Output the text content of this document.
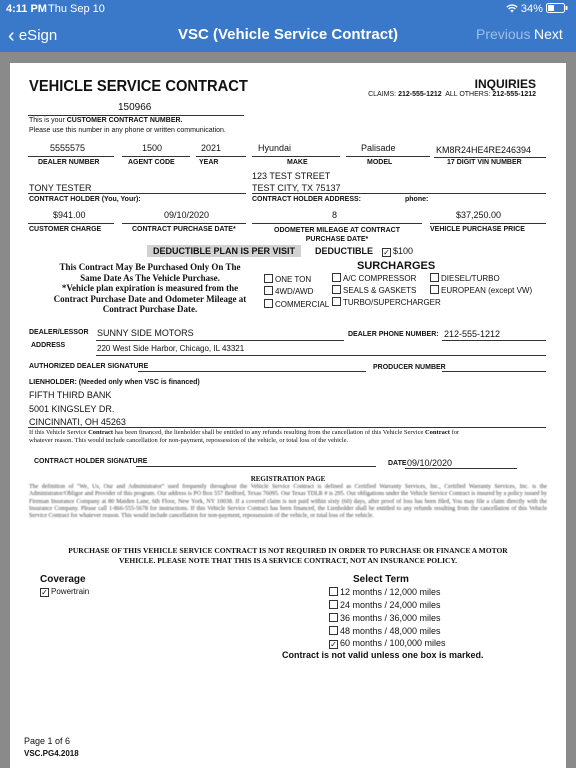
4:11 PM Thu Sep 10	34%
‹ eSign	VSC (Vehicle Service Contract)	Previous Next
VEHICLE SERVICE CONTRACT	INQUIRIES
CLAIMS: 212-555-1212 ALL OTHERS: 212-555-1212
150966
This is your CUSTOMER CONTRACT NUMBER.
Please use this number in any phone or written communication.
5555575	1500	2021	Hyundai	Palisade	KM8R24HE4RE246394
DEALER NUMBER	AGENT CODE	YEAR	MAKE	MODEL	17 DIGIT VIN NUMBER
123 TEST STREET
TONY TESTER	TEST CITY, TX 75137
CONTRACT HOLDER (You, Your):	CONTRACT HOLDER ADDRESS:	phone:
$941.00	09/10/2020	8	$37,250.00
CUSTOMER CHARGE	CONTRACT PURCHASE DATE*	ODOMETER MILEAGE AT CONTRACT PURCHASE DATE*
VEHICLE PURCHASE PRICE
DEDUCTIBLE PLAN IS PER VISIT	DEDUCTIBLE ✓ $100
This Contract May Be Purchased Only On The
Same Date As The Vehicle Purchase.
*Vehicle plan expiration is measured from the
Contract Purchase Date and Odometer Mileage at
Contract Purchase Date.
SURCHARGES
ONE TON
4WD/AWD
COMMERCIAL
A/C COMPRESSOR
SEALS & GASKETS
TURBO/SUPERCHARGER
DIESEL/TURBO
EUROPEAN (except VW)
DEALER/LESSOR SUNNY SIDE MOTORS	DEALER PHONE NUMBER: 212-555-1212
ADDRESS	220 West Side Harbor, Chicago, IL 43321
AUTHORIZED DEALER SIGNATURE	PRODUCER NUMBER
LIENHOLDER: (Needed only when VSC is financed)
FIFTH THIRD BANK
5001 KINGSLEY DR.
CINCINNATI, OH 45263
If this Vehicle Service Contract has been financed, the lienholder shall be entitled to any refunds resulting from the cancellation of this Vehicle Service Contract for
whatever reason. This would include cancellation for non-payment, repossession of the vehicle, or total loss of the vehicle.
CONTRACT HOLDER SIGNATURE	DATE 09/10/2020
REGISTRATION PAGE
The definition of "We, Us, Our and Administrator" used frequently throughout the Vehicle Service Contract is defined as Certified Warranty Services, Inc., Certified Warranty Services, Inc. is the Administrator/Obligor and Provider of this program. Our address is PO Box 557 Bedford, Texas 76095. Our Texas TDLR # is 295. Our obligations under the Vehicle Service Contract is insured by a policy issued by Fireman Insurance Company at 80 Maiden Lane, 6th Floor, New York, NY 10038. If a covered claim is not paid within sixty (60) days, after proof of loss has been filed, You may file a claim directly with the Insurance Company. Please call 1-866-555-5678 for instructions. If this Vehicle Service Contract has been financed, the Lienholder shall be entitled to any refunds resulting from the cancellation of this Vehicle Service Contract for whatever reason. This would include cancellation for non-payment, repossession of the vehicle, or total loss of the vehicle.
PURCHASE OF THIS VEHICLE SERVICE CONTRACT IS NOT REQUIRED IN ORDER TO PURCHASE OR FINANCE A MOTOR
VEHICLE. PLEASE NOTE THAT THIS IS A SERVICE CONTRACT, NOT AN INSURANCE POLICY.
Coverage
✓ Powertrain
Select Term
12 months / 12,000 miles
24 months / 24,000 miles
36 months / 36,000 miles
48 months / 48,000 miles
✓ 60 months / 100,000 miles
Contract is not valid unless one box is marked.
Page 1 of 6
VSC.PG4.2018
